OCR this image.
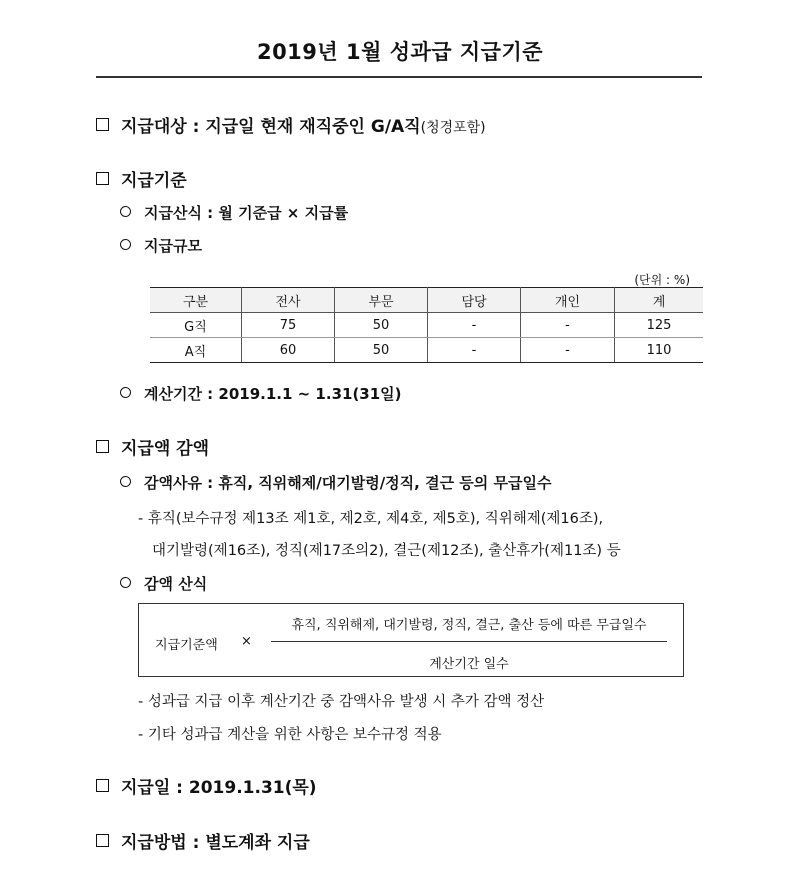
2019년 1월 성과급 지급기준
지급대상 : 지급일 현재 재직중인 G/A직(청경포함)
지급기준
지급산식 : 월 기준급 × 지급률
지급규모
(단위 : %)
구분	전사	부문	담당	개인	계
G직	75	50	-	-	125
A직	60	50	-	-	110
계산기간 : 2019.1.1 ~ 1.31(31일)
지급액 감액
감액사유 : 휴직, 직위해제/대기발령/정직, 결근 등의 무급일수
- 휴직(보수규정 제13조 제1호, 제2호, 제4호, 제5호), 직위해제(제16조),
대기발령(제16조), 정직(제17조의2), 결근(제12조), 출산휴가(제11조) 등
감액 산식
지급기준액 ×
휴직, 직위해제, 대기발령, 정직, 결근, 출산 등에 따른 무급일수
계산기간 일수
- 성과급 지급 이후 계산기간 중 감액사유 발생 시 추가 감액 정산
- 기타 성과급 계산을 위한 사항은 보수규정 적용
지급일 : 2019.1.31(목)
지급방법 : 별도계좌 지급
